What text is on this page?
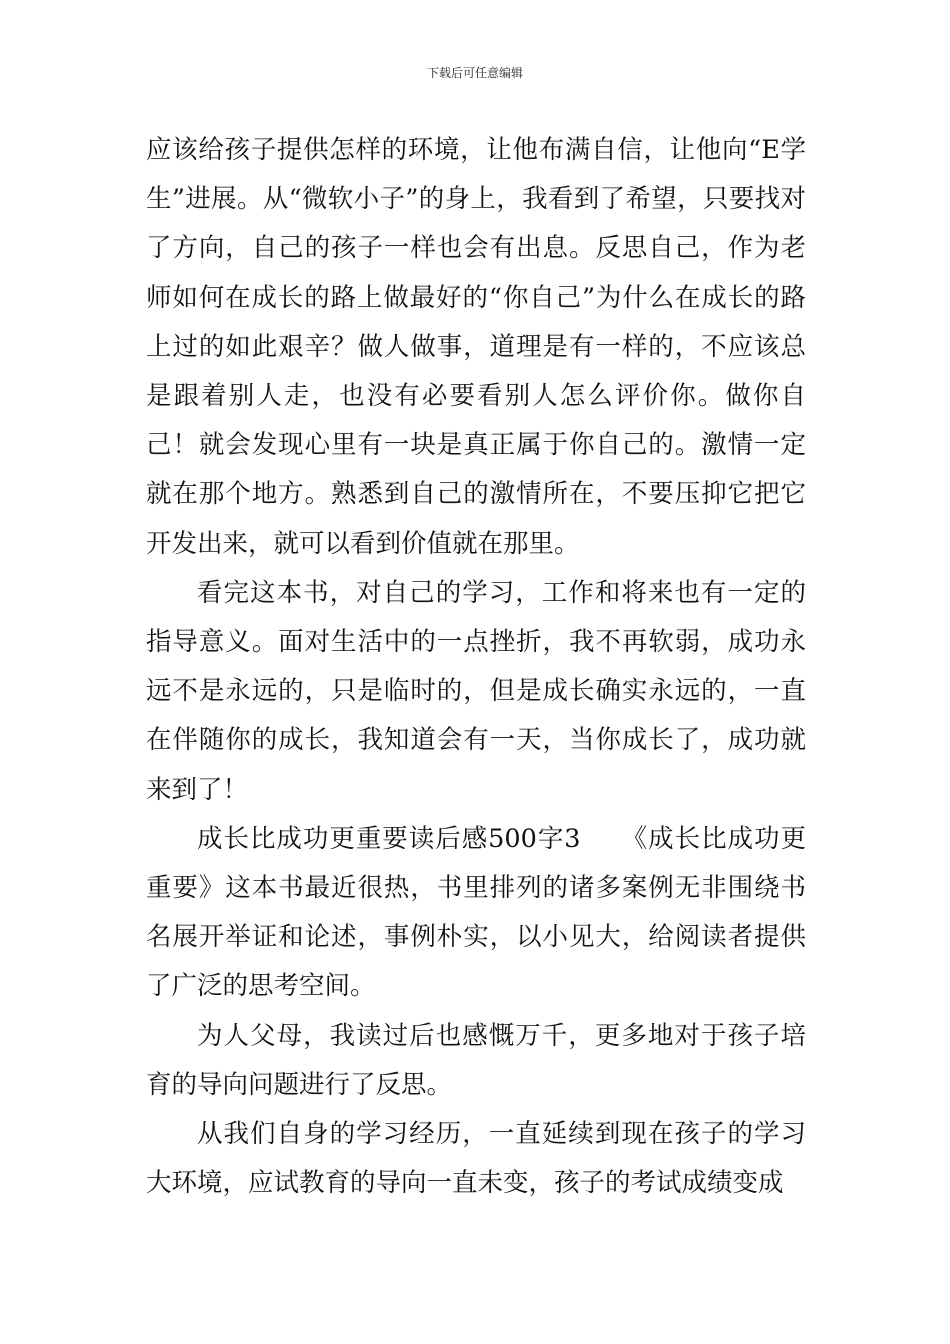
下载后可任意编辑

应该给孩子提供怎样的环境，让他布满自信，让他向“E学生”进展。从“微软小子”的身上，我看到了希望，只要找对了方向，自己的孩子一样也会有出息。反思自己，作为老师如何在成长的路上做最好的“你自己”为什么在成长的路上过的如此艰辛？做人做事，道理是有一样的，不应该总是跟着别人走，也没有必要看别人怎么评价你。做你自己！就会发现心里有一块是真正属于你自己的。激情一定就在那个地方。熟悉到自己的激情所在，不要压抑它把它开发出来，就可以看到价值就在那里。

看完这本书，对自己的学习，工作和将来也有一定的指导意义。面对生活中的一点挫折，我不再软弱，成功永远不是永远的，只是临时的，但是成长确实永远的，一直在伴随你的成长，我知道会有一天，当你成长了，成功就来到了！

成长比成功更重要读后感500字3　　《成长比成功更重要》这本书最近很热，书里排列的诸多案例无非围绕书名展开举证和论述，事例朴实，以小见大，给阅读者提供了广泛的思考空间。

为人父母，我读过后也感慨万千，更多地对于孩子培育的导向问题进行了反思。

从我们自身的学习经历，一直延续到现在孩子的学习大环境，应试教育的导向一直未变，孩子的考试成绩变成
